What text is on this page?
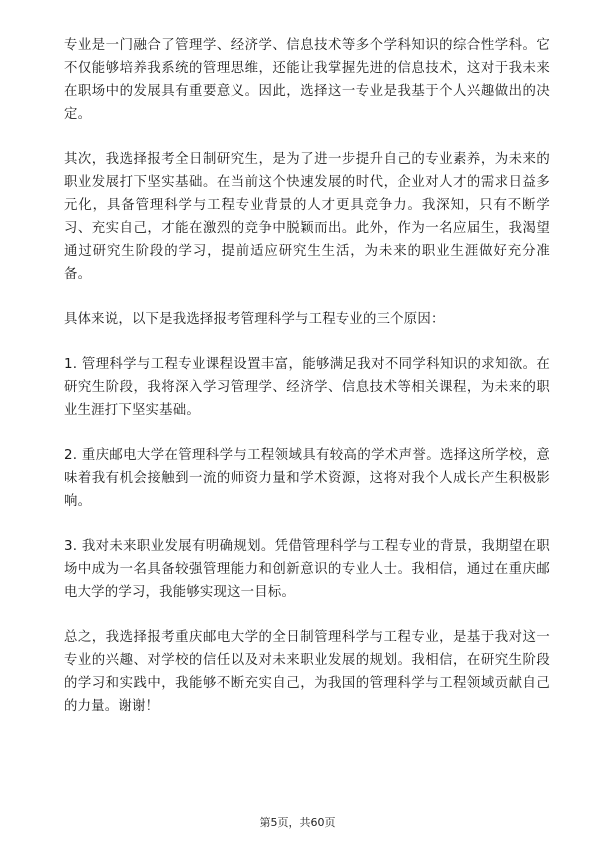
专业是一门融合了管理学、经济学、信息技术等多个学科知识的综合性学科。它不仅能够培养我系统的管理思维，还能让我掌握先进的信息技术，这对于我未来在职场中的发展具有重要意义。因此，选择这一专业是我基于个人兴趣做出的决定。

其次，我选择报考全日制研究生，是为了进一步提升自己的专业素养，为未来的职业发展打下坚实基础。在当前这个快速发展的时代，企业对人才的需求日益多元化，具备管理科学与工程专业背景的人才更具竞争力。我深知，只有不断学习、充实自己，才能在激烈的竞争中脱颖而出。此外，作为一名应届生，我渴望通过研究生阶段的学习，提前适应研究生生活，为未来的职业生涯做好充分准备。

具体来说，以下是我选择报考管理科学与工程专业的三个原因：

1. 管理科学与工程专业课程设置丰富，能够满足我对不同学科知识的求知欲。在研究生阶段，我将深入学习管理学、经济学、信息技术等相关课程，为未来的职业生涯打下坚实基础。

2. 重庆邮电大学在管理科学与工程领域具有较高的学术声誉。选择这所学校，意味着我有机会接触到一流的师资力量和学术资源，这将对我个人成长产生积极影响。

3. 我对未来职业发展有明确规划。凭借管理科学与工程专业的背景，我期望在职场中成为一名具备较强管理能力和创新意识的专业人士。我相信，通过在重庆邮电大学的学习，我能够实现这一目标。

总之，我选择报考重庆邮电大学的全日制管理科学与工程专业，是基于我对这一专业的兴趣、对学校的信任以及对未来职业发展的规划。我相信，在研究生阶段的学习和实践中，我能够不断充实自己，为我国的管理科学与工程领域贡献自己的力量。谢谢！

第5页，共60页
